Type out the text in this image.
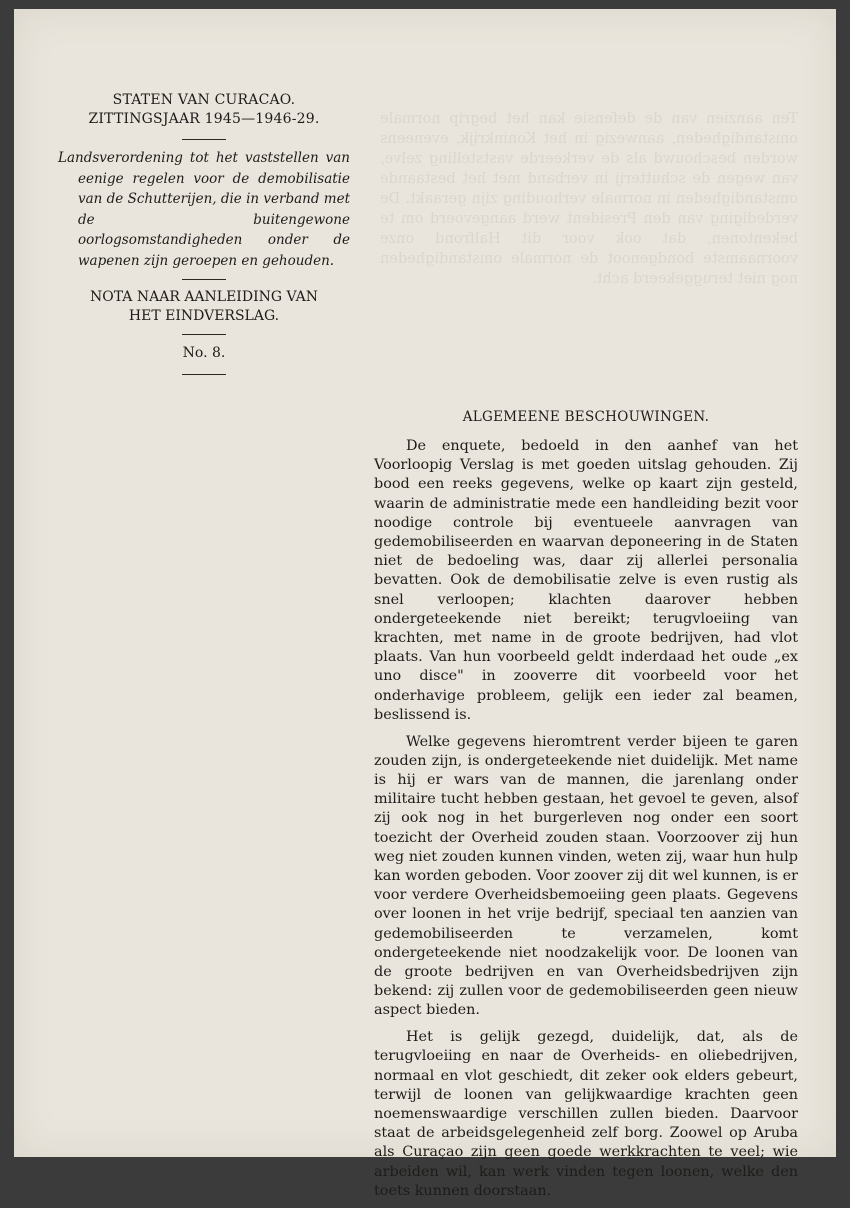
Ten aanzien van de defensie kan het begrip normale omstandigheden, aanwezig in het Koninkrijk, eveneens worden beschouwd als de verkeerde vaststelling zelve, van wegen de schutterij in verband met het bestaande omstandigheden in normale verhouding zijn geraakt. De verdediging van den President werd aangevoerd om te bekentonen, dat ook voor dit Halfrond onze voornaamste bondgenoot de normale omstandigheden nog niet teruggekeerd acht.
STATEN VAN CURACAO.
ZITTINGSJAAR 1945—1946-29.
Landsverordening tot het vaststellen van eenige regelen voor de demobilisatie van de Schutterijen, die in verband met de buitengewone oorlogsomstandigheden onder de wapenen zijn geroepen en gehouden.
NOTA NAAR AANLEIDING VAN
HET EINDVERSLAG.
No. 8.
ALGEMEENE BESCHOUWINGEN.

De enquete, bedoeld in den aanhef van het Voorloopig Verslag is met goeden uitslag gehouden. Zij bood een reeks gegevens, welke op kaart zijn gesteld, waarin de administratie mede een handleiding bezit voor noodige controle bij eventueele aanvragen van gedemobiliseerden en waarvan deponeering in de Staten niet de bedoeling was, daar zij allerlei personalia bevatten. Ook de demobilisatie zelve is even rustig als snel verloopen; klachten daarover hebben ondergeteekende niet bereikt; terugvloeiing van krachten, met name in de groote bedrijven, had vlot plaats. Van hun voorbeeld geldt inderdaad het oude „ex uno disce" in zooverre dit voorbeeld voor het onderhavige probleem, gelijk een ieder zal beamen, beslissend is.

Welke gegevens hieromtrent verder bijeen te garen zouden zijn, is ondergeteekende niet duidelijk. Met name is hij er wars van de mannen, die jarenlang onder militaire tucht hebben gestaan, het gevoel te geven, alsof zij ook nog in het burgerleven nog onder een soort toezicht der Overheid zouden staan. Voorzoover zij hun weg niet zouden kunnen vinden, weten zij, waar hun hulp kan worden geboden. Voor zoover zij dit wel kunnen, is er voor verdere Overheidsbemoeiing geen plaats. Gegevens over loonen in het vrije bedrijf, speciaal ten aanzien van gedemobiliseerden te verzamelen, komt ondergeteekende niet noodzakelijk voor. De loonen van de groote bedrijven en van Overheidsbedrijven zijn bekend: zij zullen voor de gedemobiliseerden geen nieuw aspect bieden.

Het is gelijk gezegd, duidelijk, dat, als de terugvloeiing en naar de Overheids- en oliebedrijven, normaal en vlot geschiedt, dit zeker ook elders gebeurt, terwijl de loonen van gelijkwaardige krachten geen noemenswaardige verschillen zullen bieden. Daarvoor staat de arbeidsgelegenheid zelf borg. Zoowel op Aruba als Curaçao zijn geen goede werkkrachten te veel; wie arbeiden wil, kan werk vinden tegen loonen, welke den toets kunnen doorstaan.
